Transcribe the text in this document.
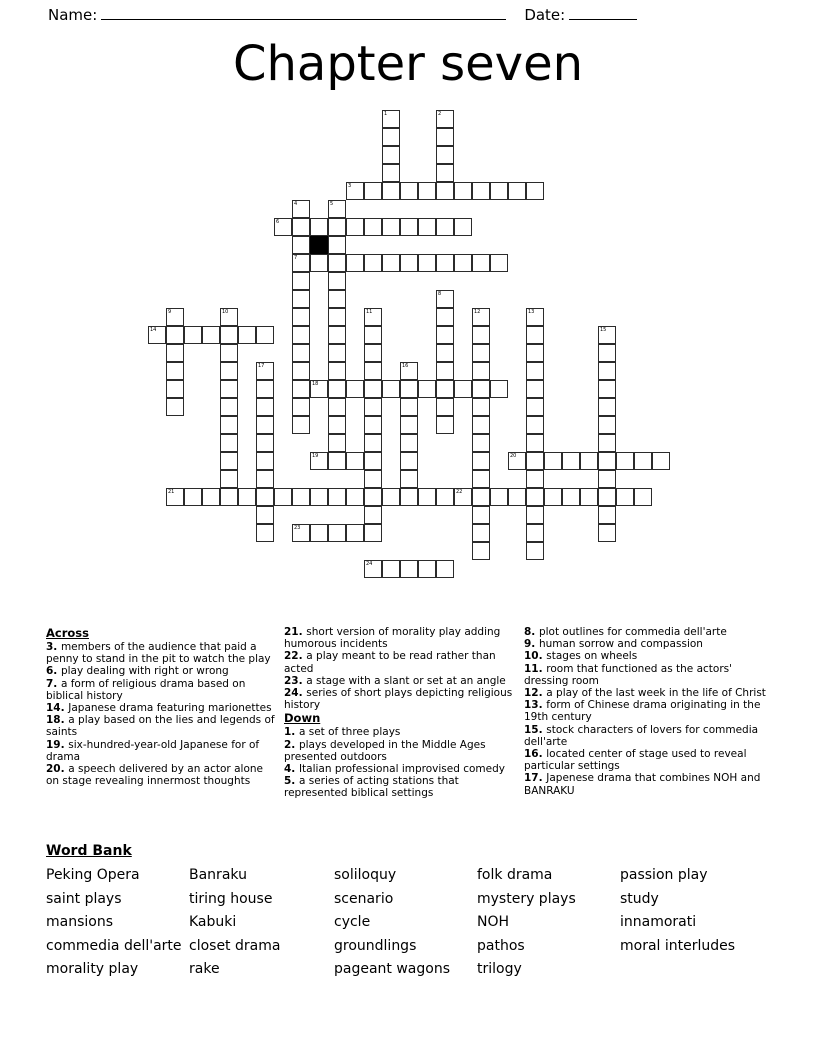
Name:	Date:
Chapter seven
1	2
3
4	5
6
7
8
9	10	11	12	13
14	15
17	16
18
19	20
21	22
23
24
Across
3. members of the audience that paid a penny to stand in the pit to watch the play
6. play dealing with right or wrong
7. a form of religious drama based on biblical history
14. Japanese drama featuring marionettes
18. a play based on the lies and legends of saints
19. six-hundred-year-old Japanese for of drama
20. a speech delivered by an actor alone on stage revealing innermost thoughts
21. short version of morality play adding humorous incidents
22. a play meant to be read rather than acted
23. a stage with a slant or set at an angle
24. series of short plays depicting religious history
Down
1. a set of three plays
2. plays developed in the Middle Ages presented outdoors
4. Italian professional improvised comedy
5. a series of acting stations that represented biblical settings
8. plot outlines for commedia dell'arte
9. human sorrow and compassion
10. stages on wheels
11. room that functioned as the actors' dressing room
12. a play of the last week in the life of Christ
13. form of Chinese drama originating in the 19th century
15. stock characters of lovers for commedia dell'arte
16. located center of stage used to reveal particular settings
17. Japenese drama that combines NOH and BANRAKU
Word Bank
Peking Opera
saint plays
mansions
commedia dell'arte
morality play
Banraku
tiring house
Kabuki
closet drama
rake
soliloquy
scenario
cycle
groundlings
pageant wagons
folk drama
mystery plays
NOH
pathos
trilogy
passion play
study
innamorati
moral interludes
